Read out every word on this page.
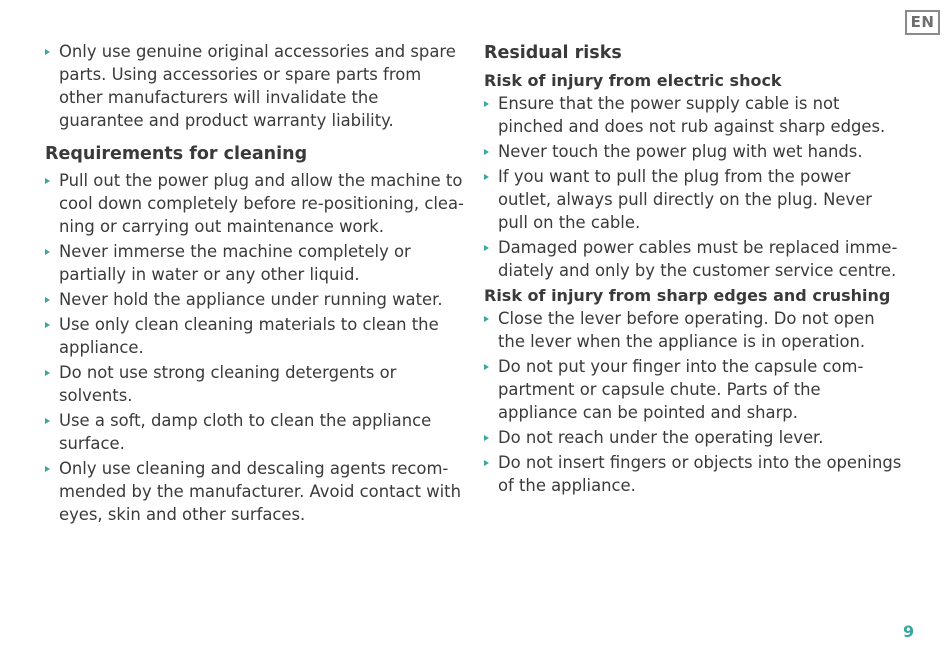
EN
Only use genuine original accessories and spare parts. Using accessories or spare parts from other manufacturers will invalidate the guarantee and product warranty liability.
Requirements for cleaning
Pull out the power plug and allow the machine to cool down completely before re-positioning, cleaning or carrying out maintenance work.
Never immerse the machine completely or partially in water or any other liquid.
Never hold the appliance under running water.
Use only clean cleaning materials to clean the appliance.
Do not use strong cleaning detergents or solvents.
Use a soft, damp cloth to clean the appliance surface.
Only use cleaning and descaling agents recommended by the manufacturer. Avoid contact with eyes, skin and other surfaces.
Residual risks
Risk of injury from electric shock
Ensure that the power supply cable is not pinched and does not rub against sharp edges.
Never touch the power plug with wet hands.
If you want to pull the plug from the power outlet, always pull directly on the plug. Never pull on the cable.
Damaged power cables must be replaced immediately and only by the customer service centre.
Risk of injury from sharp edges and crushing
Close the lever before operating. Do not open the lever when the appliance is in operation.
Do not put your finger into the capsule compartment or capsule chute. Parts of the appliance can be pointed and sharp.
Do not reach under the operating lever.
Do not insert fingers or objects into the openings of the appliance.
9
